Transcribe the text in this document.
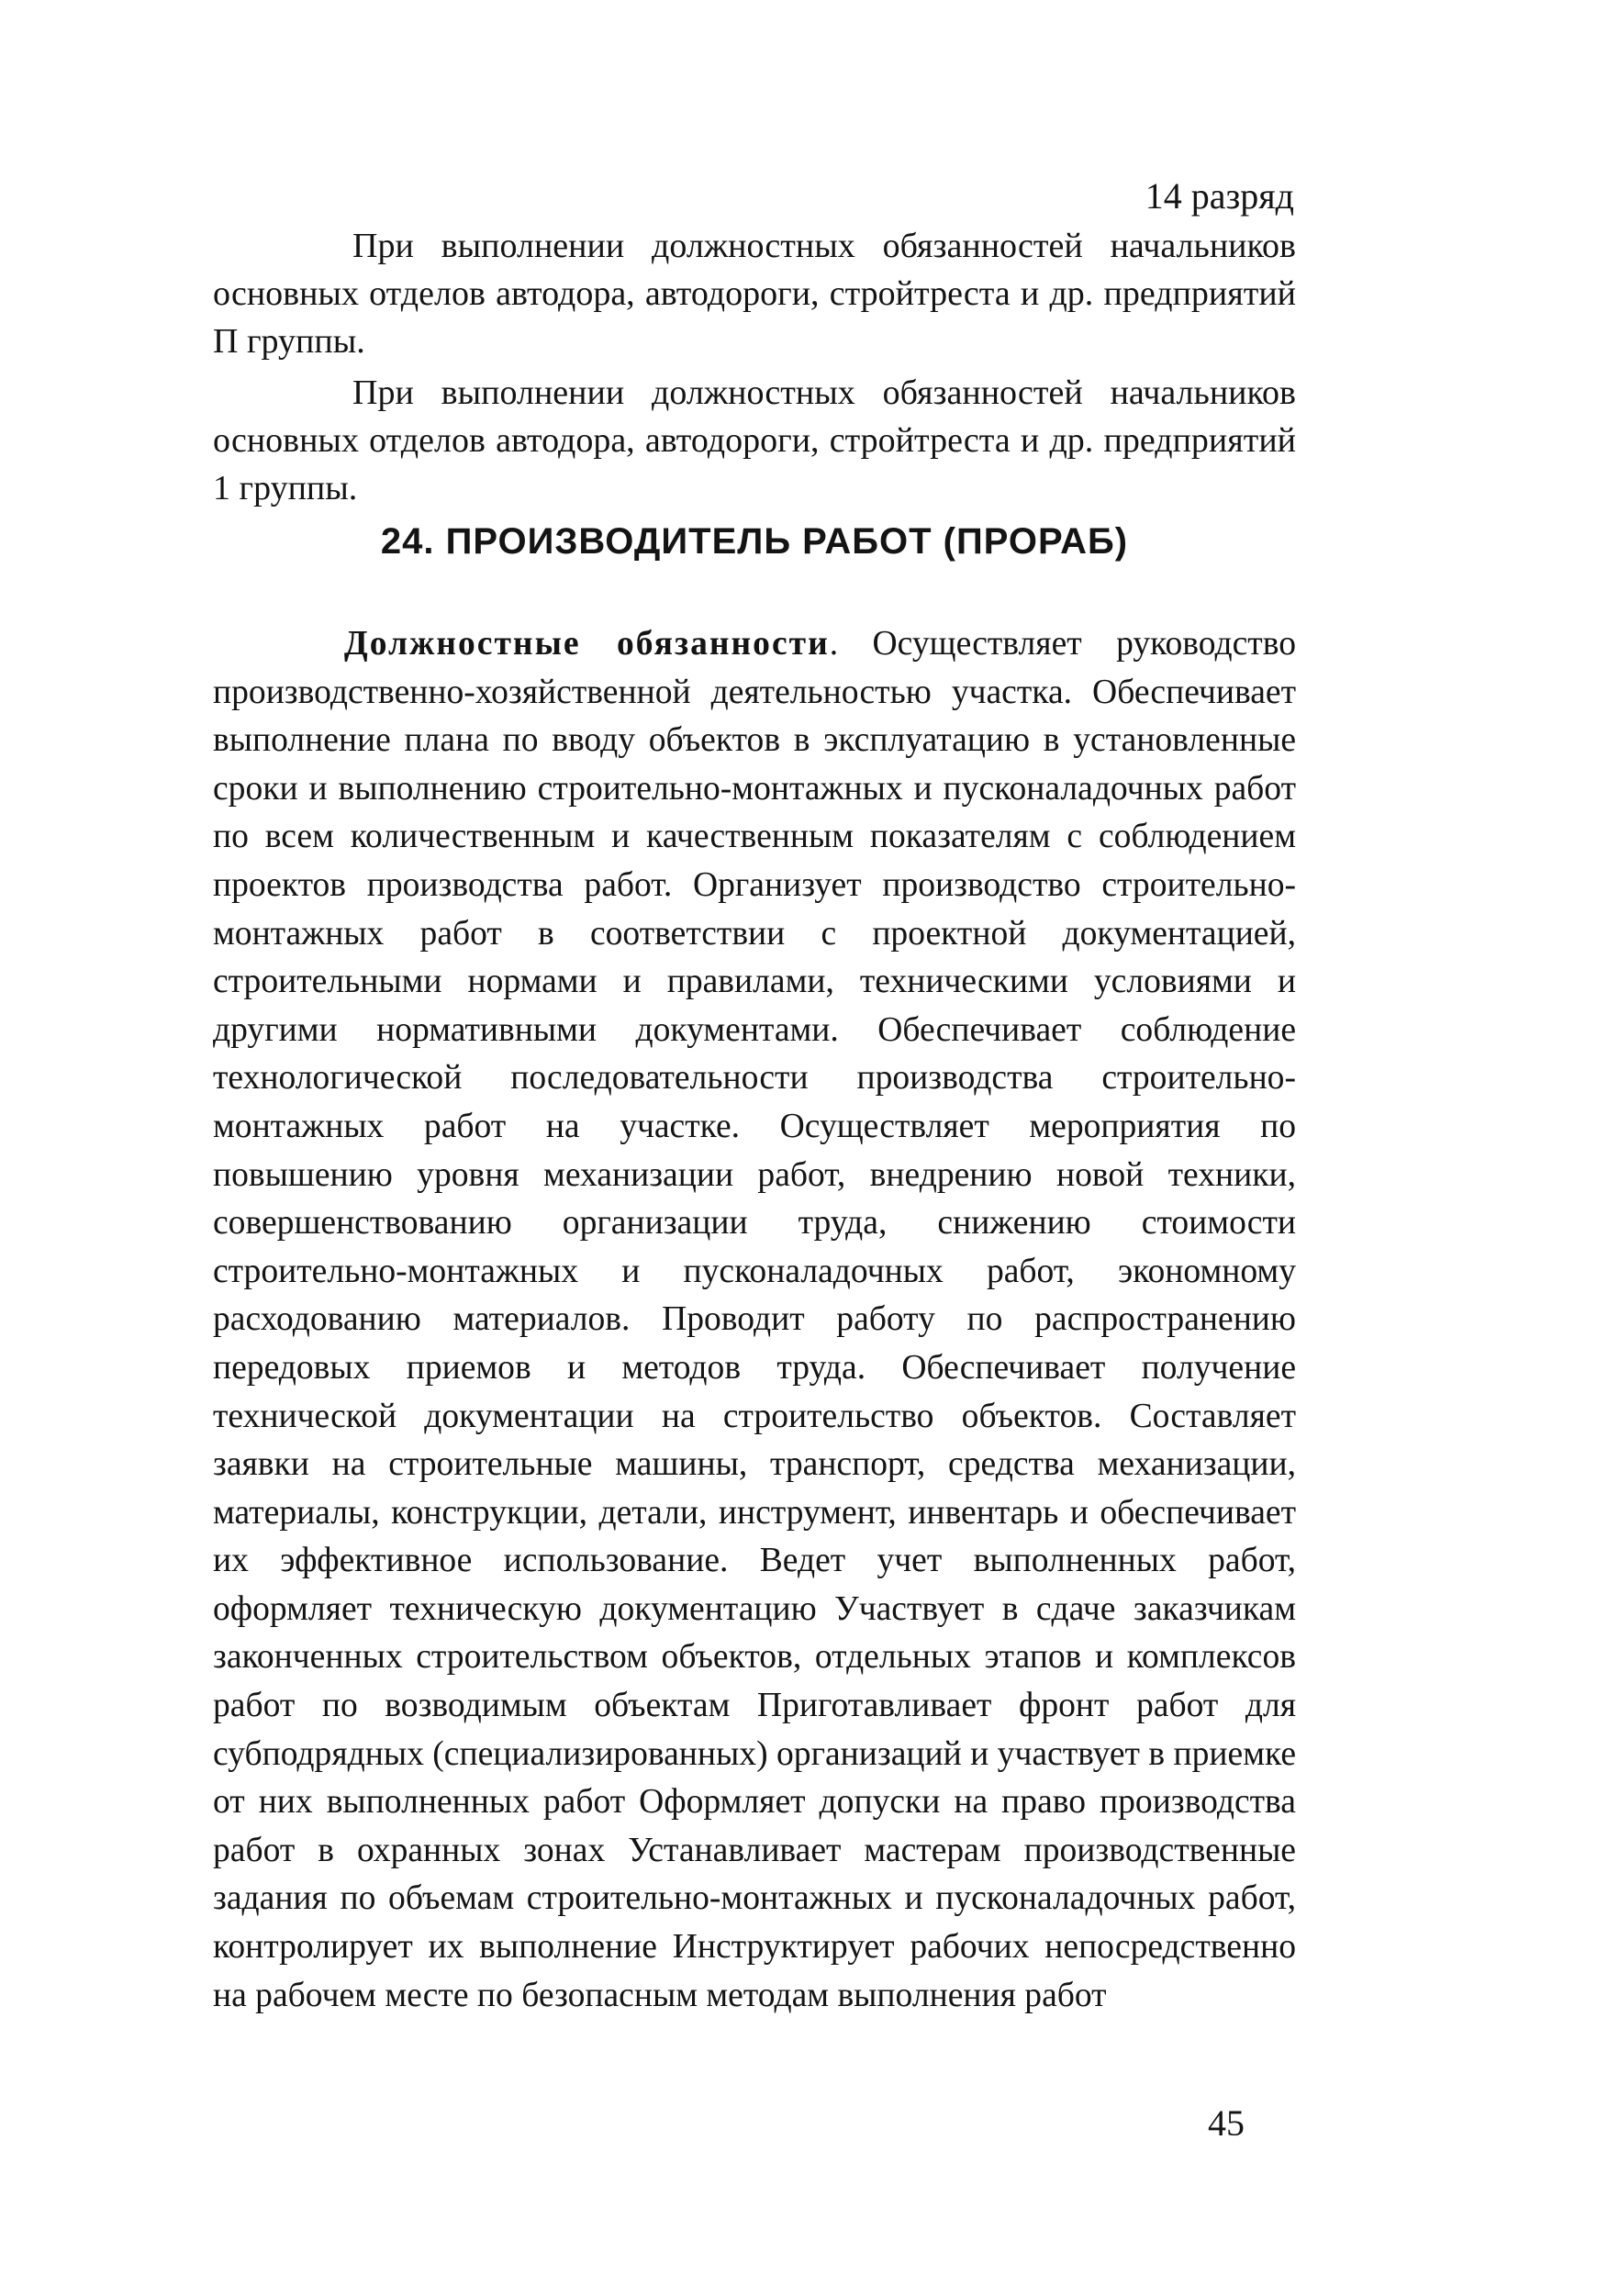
14 разряд

При выполнении должностных обязанностей начальников основных отделов автодора, автодороги, стройтреста и др. предприятий П группы.

При выполнении должностных обязанностей начальников основных отделов автодора, автодороги, стройтреста и др. предприятий 1 группы.

24. ПРОИЗВОДИТЕЛЬ РАБОТ (ПРОРАБ)

Должностные обязанности. Осуществляет руководство производственно-хозяйственной деятельностью участка. Обеспечивает выполнение плана по вводу объектов в эксплуатацию в установленные сроки и выполнению строительно-монтажных и пусконаладочных работ по всем количественным и качественным показателям с соблюдением проектов производства работ. Организует производство строительно-монтажных работ в соответствии с проектной документацией, строительными нормами и правилами, техническими условиями и другими нормативными документами. Обеспечивает соблюдение технологической последовательности производства строительно-монтажных работ на участке. Осуществляет мероприятия по повышению уровня механизации работ, внедрению новой техники, совершенствованию организации труда, снижению стоимости строительно-монтажных и пусконаладочных работ, экономному расходованию материалов. Проводит работу по распространению передовых приемов и методов труда. Обеспечивает получение технической документации на строительство объектов. Составляет заявки на строительные машины, транспорт, средства механизации, материалы, конструкции, детали, инструмент, инвентарь и обеспечивает их эффективное использование. Ведет учет выполненных работ, оформляет техническую документацию Участвует в сдаче заказчикам законченных строительством объектов, отдельных этапов и комплексов работ по возводимым объектам Приготавливает фронт работ для субподрядных (специализированных) организаций и участвует в приемке от них выполненных работ Оформляет допуски на право производства работ в охранных зонах Устанавливает мастерам производственные задания по объемам строительно-монтажных и пусконаладочных работ, контролирует их выполнение Инструктирует рабочих непосредственно на рабочем месте по безопасным методам выполнения работ

45
